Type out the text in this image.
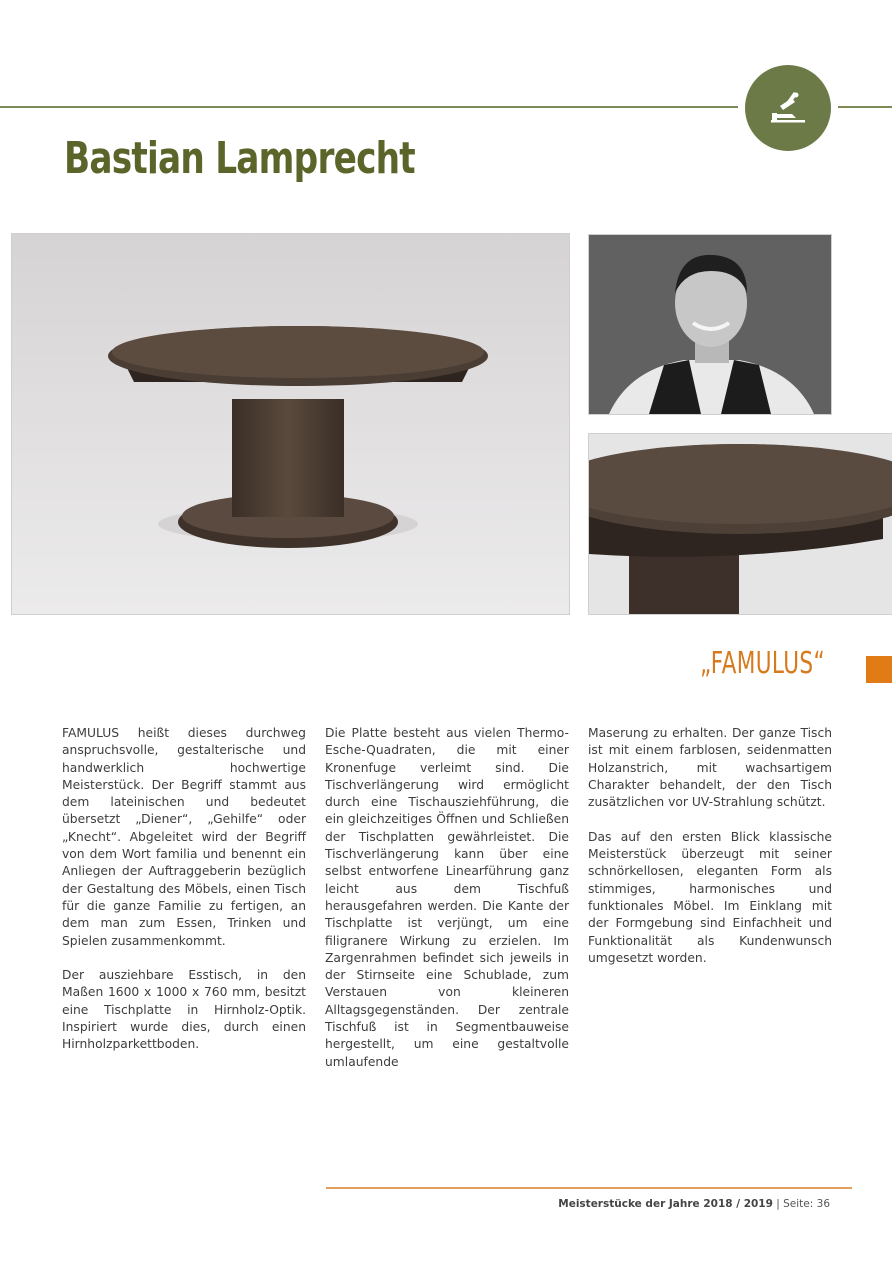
Bastian Lamprecht
„FAMULUS“

FAMULUS heißt dieses durchweg anspruchsvolle, gestalterische und handwerklich hochwertige Meisterstück. Der Begriff stammt aus dem lateinischen und bedeutet übersetzt „Diener“, „Gehilfe“ oder „Knecht“. Abgeleitet wird der Begriff von dem Wort familia und benennt ein Anliegen der Auftraggeberin bezüglich der Gestaltung des Möbels, einen Tisch für die ganze Familie zu fertigen, an dem man zum Essen, Trinken und Spielen zusammenkommt.

Der ausziehbare Esstisch, in den Maßen 1600 x 1000 x 760 mm, besitzt eine Tischplatte in Hirnholz-Optik. Inspiriert wurde dies, durch einen Hirnholzparkettboden.

Die Platte besteht aus vielen Thermo-Esche-Quadraten, die mit einer Kronenfuge verleimt sind. Die Tischverlängerung wird ermöglicht durch eine Tischausziehführung, die ein gleichzeitiges Öffnen und Schließen der Tischplatten gewährleistet. Die Tischverlängerung kann über eine selbst entworfene Linearführung ganz leicht aus dem Tischfuß herausgefahren werden. Die Kante der Tischplatte ist verjüngt, um eine filigranere Wirkung zu erzielen. Im Zargenrahmen befindet sich jeweils in der Stirnseite eine Schublade, zum Verstauen von kleineren Alltagsgegenständen. Der zentrale Tischfuß ist in Segmentbauweise hergestellt, um eine gestaltvolle umlaufende

Maserung zu erhalten. Der ganze Tisch ist mit einem farblosen, seidenmatten Holzanstrich, mit wachsartigem Charakter behandelt, der den Tisch zusätzlichen vor UV-Strahlung schützt.

Das auf den ersten Blick klassische Meisterstück überzeugt mit seiner schnörkellosen, eleganten Form als stimmiges, harmonisches und funktionales Möbel. Im Einklang mit der Formgebung sind Einfachheit und Funktionalität als Kundenwunsch umgesetzt worden.

Meisterstücke der Jahre 2018 / 2019 | Seite: 36
